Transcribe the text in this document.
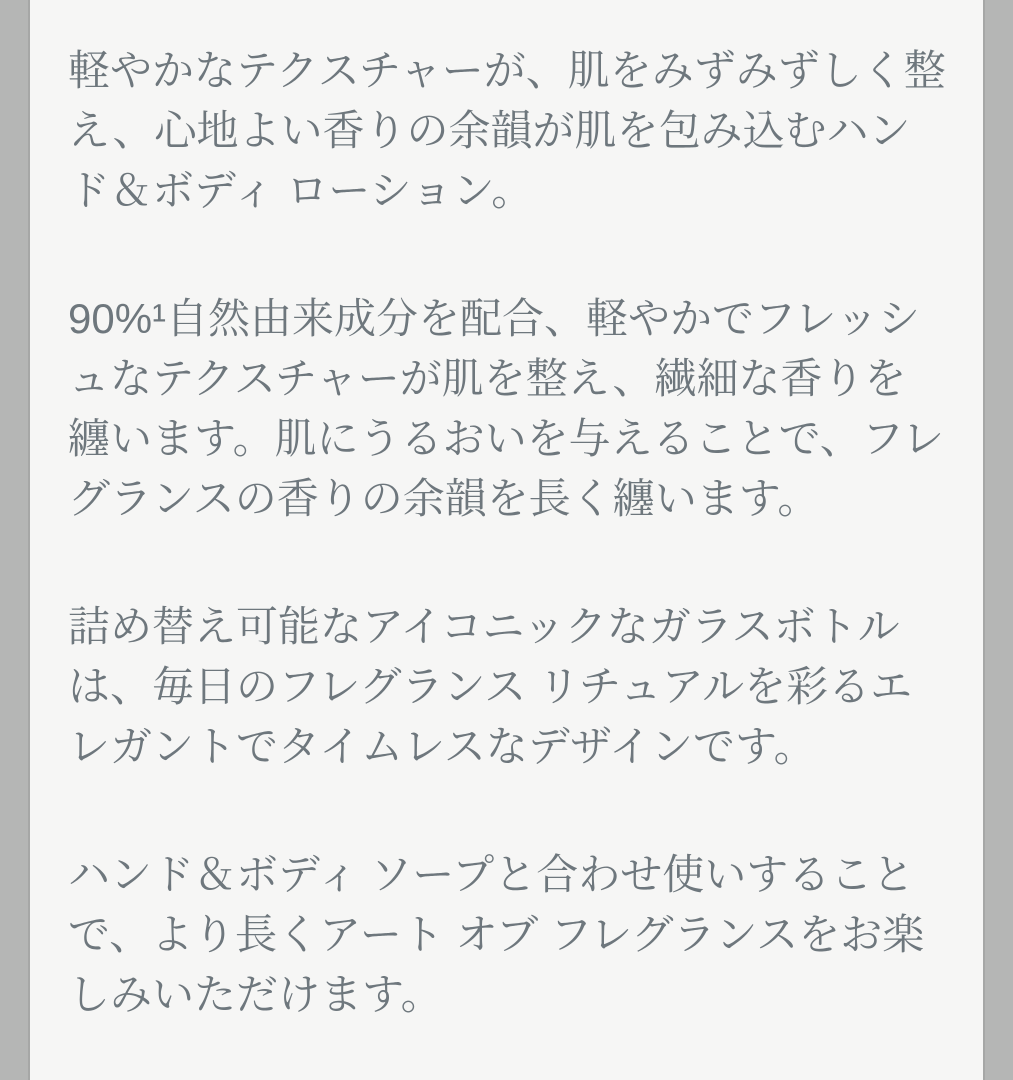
軽やかなテクスチャーが、肌をみずみずしく整え、心地よい香りの余韻が肌を包み込むハンド＆ボディ ローション。

90%¹自然由来成分を配合、軽やかでフレッシュなテクスチャーが肌を整え、繊細な香りを纏います。肌にうるおいを与えることで、フレグランスの香りの余韻を長く纏います。

詰め替え可能なアイコニックなガラスボトルは、毎日のフレグランス リチュアルを彩るエレガントでタイムレスなデザインです。

ハンド＆ボディ ソープと合わせ使いすることで、より長くアート オブ フレグランスをお楽しみいただけます。
